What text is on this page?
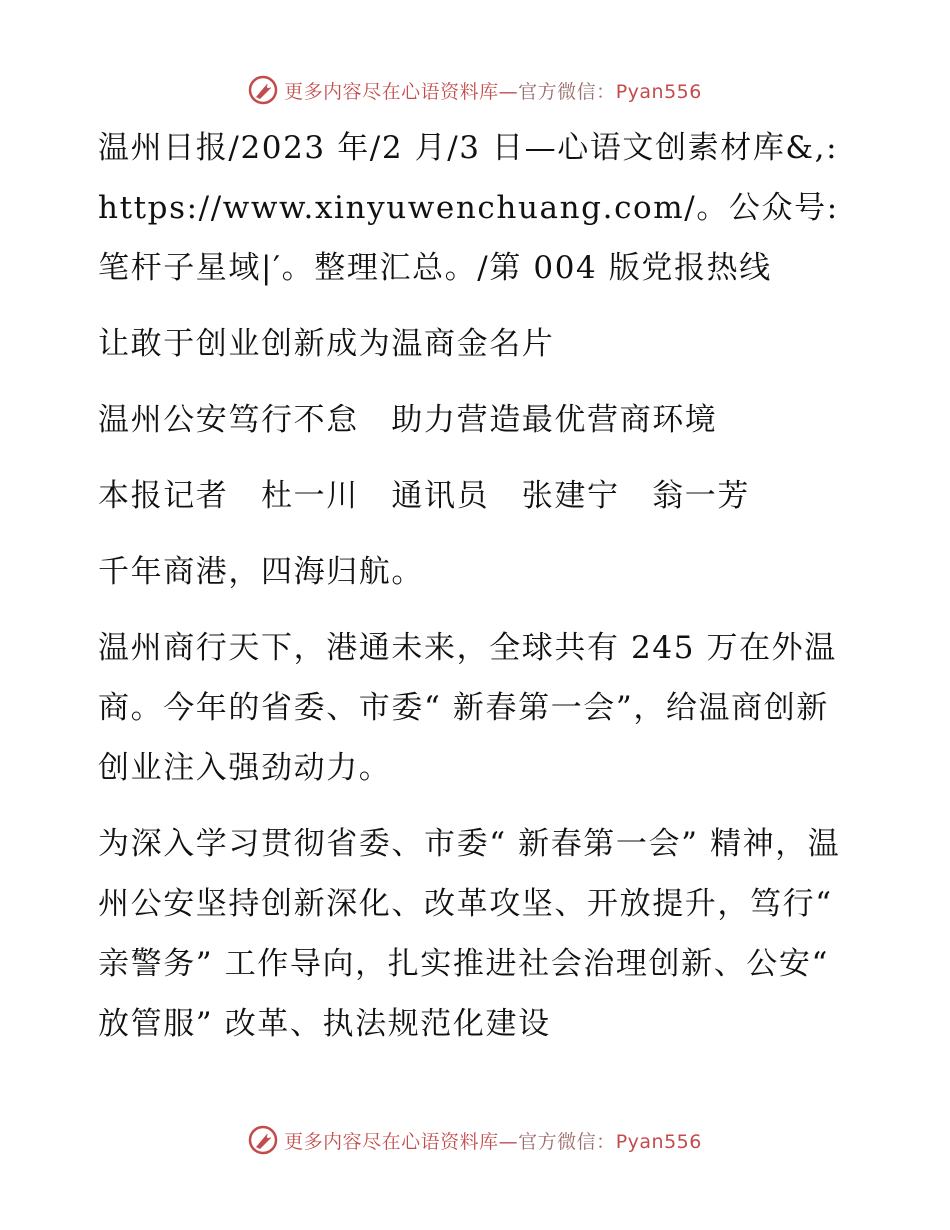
更多内容尽在心语资料库—官方微信：Pyan556

温州日报/2023 年/2 月/3 日—心语文创素材库&,: https://www.xinyuwenchuang.com/。公众号: 笔杆子星域|′。整理汇总。/第 004 版党报热线

让敢于创业创新成为温商金名片

温州公安笃行不怠　助力营造最优营商环境

本报记者　杜一川　通讯员　张建宁　翁一芳

千年商港，四海归航。

温州商行天下，港通未来，全球共有 245 万在外温商。今年的省委、市委“ 新春第一会”，给温商创新创业注入强劲动力。

为深入学习贯彻省委、市委“ 新春第一会” 精神，温州公安坚持创新深化、改革攻坚、开放提升，笃行“ 亲警务” 工作导向，扎实推进社会治理创新、公安“ 放管服” 改革、执法规范化建设

更多内容尽在心语资料库—官方微信：Pyan556
